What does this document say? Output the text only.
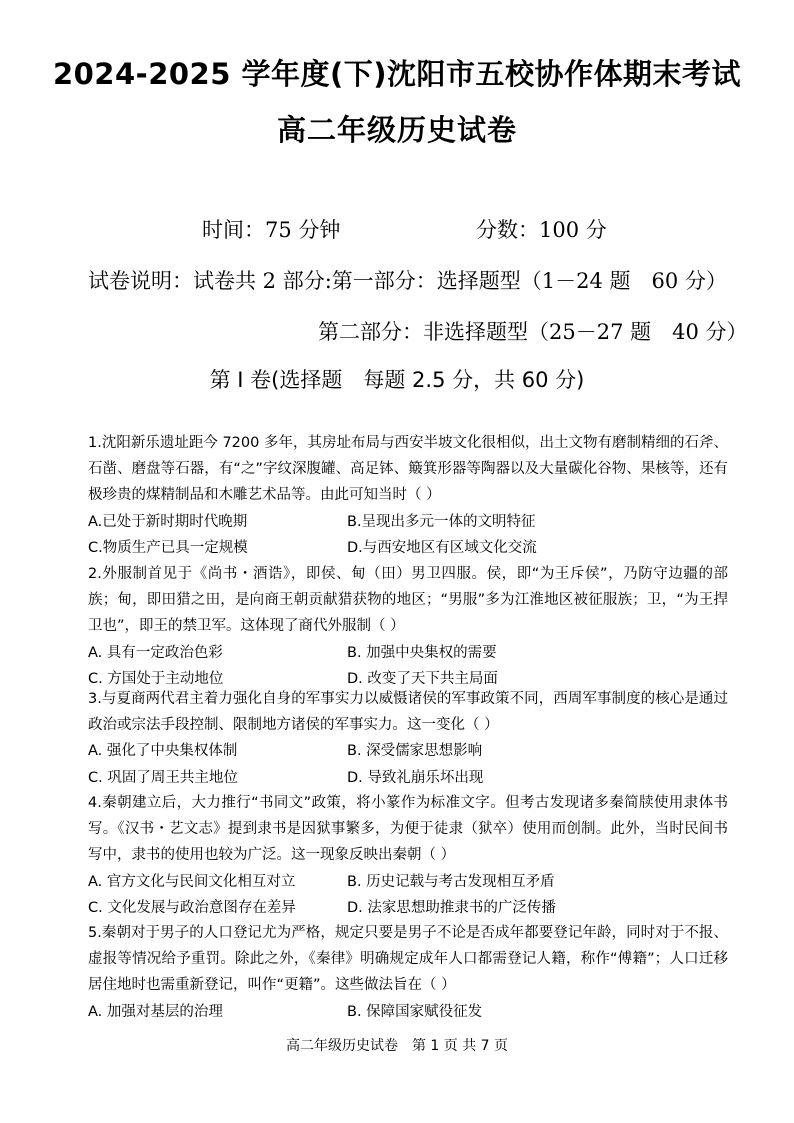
2024-2025 学年度(下)沈阳市五校协作体期末考试
高二年级历史试卷
时间：75 分钟	分数：100 分
试卷说明：试卷共 2 部分:第一部分：选择题型（1－24 题　60 分）
第二部分：非选择题型（25－27 题　40 分）
第 I 卷(选择题　每题 2.5 分，共 60 分)
1.沈阳新乐遗址距今 7200 多年，其房址布局与西安半坡文化很相似，出土文物有磨制精细的石斧、石凿、磨盘等石器，有“之”字纹深腹罐、高足钵、簸箕形器等陶器以及大量碳化谷物、果核等，还有极珍贵的煤精制品和木雕艺术品等。由此可知当时（ ）
A.已处于新时期时代晚期	B.呈现出多元一体的文明特征
C.物质生产已具一定规模	D.与西安地区有区域文化交流
2.外服制首见于《尚书・酒诰》，即侯、甸（田）男卫四服。侯，即“为王斥侯”，乃防守边疆的部族；甸，即田猎之田，是向商王朝贡献猎获物的地区；“男服”多为江淮地区被征服族；卫，“为王捍卫也”，即王的禁卫军。这体现了商代外服制（ ）
A. 具有一定政治色彩	B. 加强中央集权的需要
C. 方国处于主动地位	D. 改变了天下共主局面
3.与夏商两代君主着力强化自身的军事实力以威慑诸侯的军事政策不同，西周军事制度的核心是通过政治或宗法手段控制、限制地方诸侯的军事实力。这一变化（ ）
A. 强化了中央集权体制	B. 深受儒家思想影响
C. 巩固了周王共主地位	D. 导致礼崩乐坏出现
4.秦朝建立后，大力推行“书同文”政策，将小篆作为标准文字。但考古发现诸多秦简牍使用隶体书写。《汉书・艺文志》提到隶书是因狱事繁多，为便于徒隶（狱卒）使用而创制。此外，当时民间书写中，隶书的使用也较为广泛。这一现象反映出秦朝（ ）
A. 官方文化与民间文化相互对立	B. 历史记载与考古发现相互矛盾
C. 文化发展与政治意图存在差异	D. 法家思想助推隶书的广泛传播
5.秦朝对于男子的人口登记尤为严格，规定只要是男子不论是否成年都要登记年龄，同时对于不报、虚报等情况给予重罚。除此之外，《秦律》明确规定成年人口都需登记人籍，称作“傅籍”；人口迁移居住地时也需重新登记，叫作“更籍”。这些做法旨在（ ）
A. 加强对基层的治理	B. 保障国家赋役征发
高二年级历史试卷　第 1 页 共 7 页
